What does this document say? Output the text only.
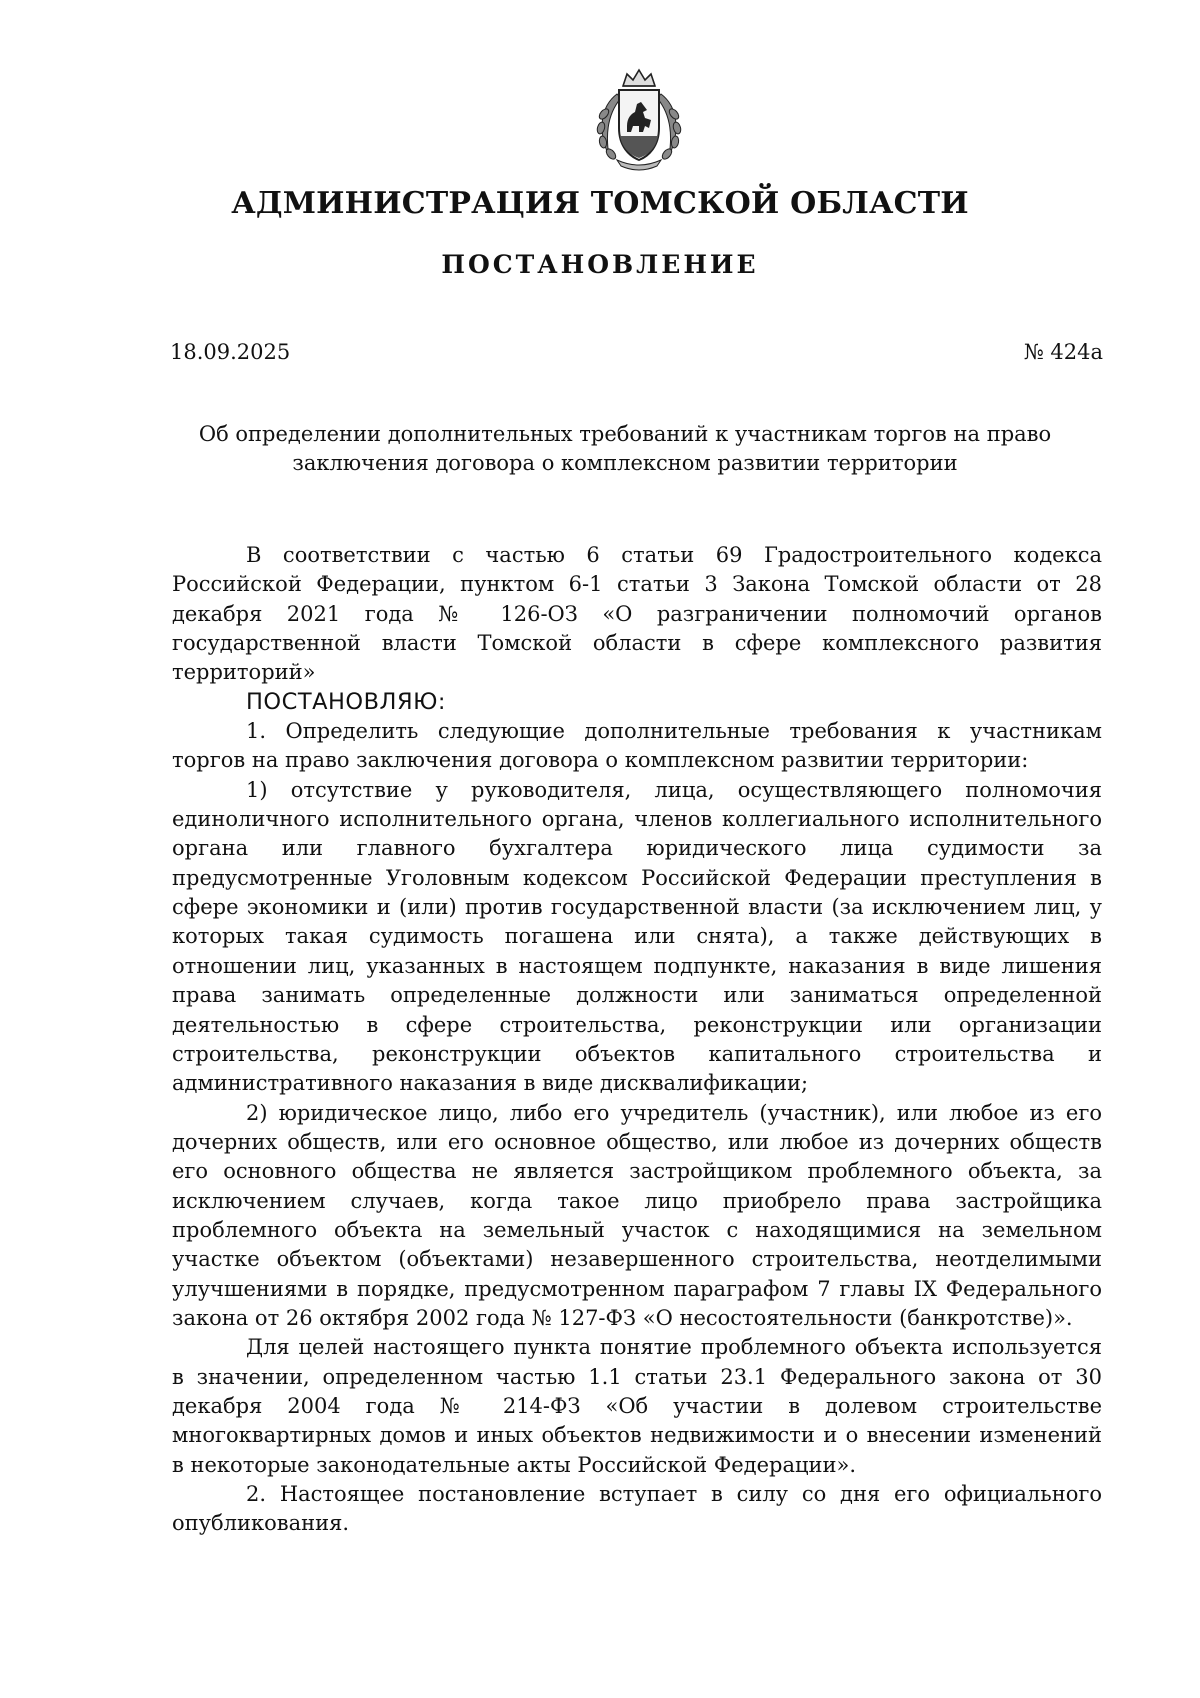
АДМИНИСТРАЦИЯ ТОМСКОЙ ОБЛАСТИ
ПОСТАНОВЛЕНИЕ
18.09.2025	№ 424а
Об определении дополнительных требований к участникам торгов на право
заключения договора о комплексном развитии территории

В соответствии с частью 6 статьи 69 Градостроительного кодекса Российской Федерации, пунктом 6-1 статьи 3 Закона Томской области от 28 декабря 2021 года № 126-ОЗ «О разграничении полномочий органов государственной власти Томской области в сфере комплексного развития территорий»

ПОСТАНОВЛЯЮ:

1. Определить следующие дополнительные требования к участникам торгов на право заключения договора о комплексном развитии территории:

1) отсутствие у руководителя, лица, осуществляющего полномочия единоличного исполнительного органа, членов коллегиального исполнительного органа или главного бухгалтера юридического лица судимости за предусмотренные Уголовным кодексом Российской Федерации преступления в сфере экономики и (или) против государственной власти (за исключением лиц, у которых такая судимость погашена или снята), а также действующих в отношении лиц, указанных в настоящем подпункте, наказания в виде лишения права занимать определенные должности или заниматься определенной деятельностью в сфере строительства, реконструкции или организации строительства, реконструкции объектов капитального строительства и административного наказания в виде дисквалификации;

2) юридическое лицо, либо его учредитель (участник), или любое из его дочерних обществ, или его основное общество, или любое из дочерних обществ его основного общества не является застройщиком проблемного объекта, за исключением случаев, когда такое лицо приобрело права застройщика проблемного объекта на земельный участок с находящимися на земельном участке объектом (объектами) незавершенного строительства, неотделимыми улучшениями в порядке, предусмотренном параграфом 7 главы IX Федерального закона от 26 октября 2002 года № 127-ФЗ «О несостоятельности (банкротстве)».

Для целей настоящего пункта понятие проблемного объекта используется в значении, определенном частью 1.1 статьи 23.1 Федерального закона от 30 декабря 2004 года № 214-ФЗ «Об участии в долевом строительстве многоквартирных домов и иных объектов недвижимости и о внесении изменений в некоторые законодательные акты Российской Федерации».

2. Настоящее постановление вступает в силу со дня его официального опубликования.
